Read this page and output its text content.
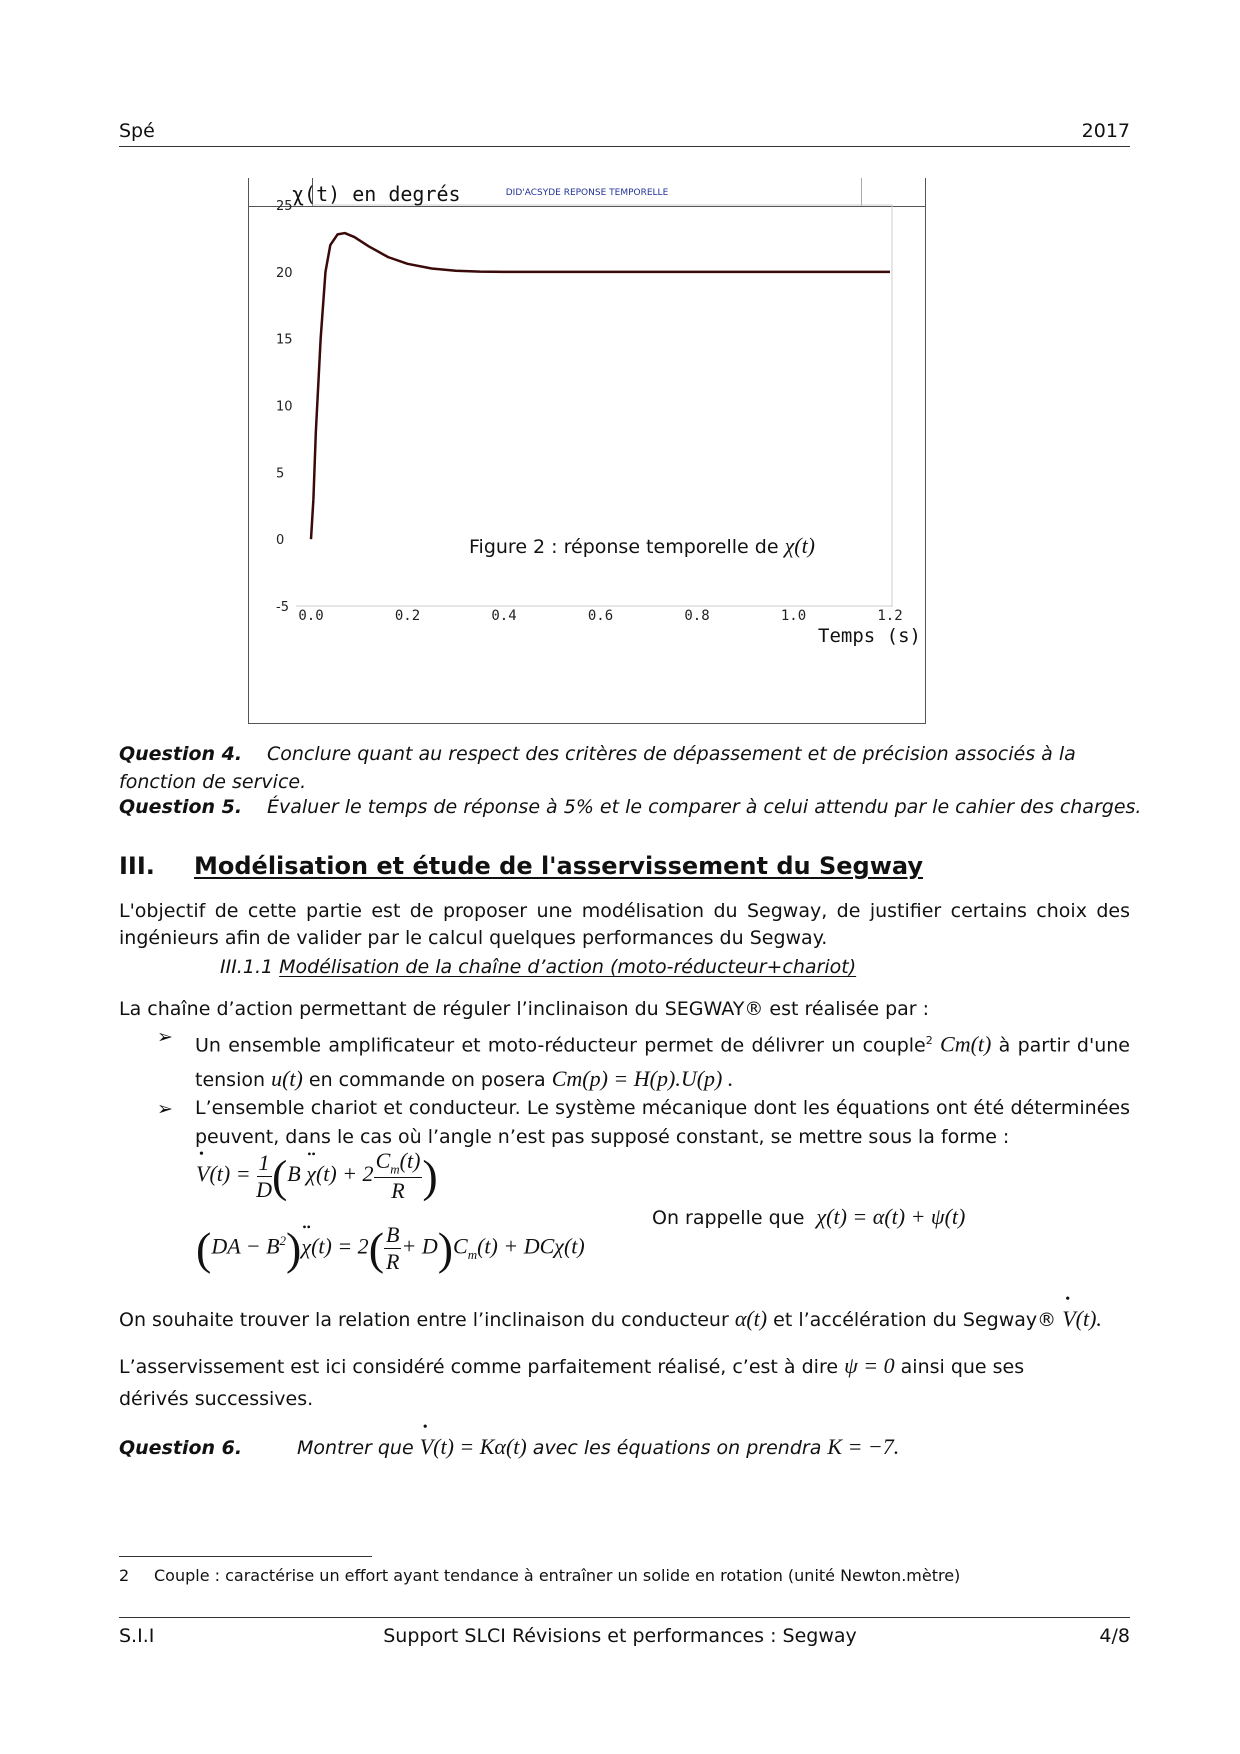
Spé	2017
DID'ACSYDE REPONSE TEMPORELLE
25
20
15
10
5
0
-5
0.0	0.2	0.4	0.6	0.8	1.0	1.2
χ(t) en degrés
Temps (s)
Figure 2 : réponse temporelle de χ(t)
Question 4. Conclure quant au respect des critères de dépassement et de précision associés à la fonction de service.
Question 5. Évaluer le temps de réponse à 5% et le comparer à celui attendu par le cahier des charges.
III. Modélisation et étude de l'asservissement du Segway
L'objectif de cette partie est de proposer une modélisation du Segway, de justifier certains choix des ingénieurs afin de valider par le calcul quelques performances du Segway.
III.1.1 Modélisation de la chaîne d’action (moto-réducteur+chariot)
La chaîne d’action permettant de réguler l’inclinaison du SEGWAY® est réalisée par :
➢ Un ensemble amplificateur et moto-réducteur permet de délivrer un couple$^2$ Cm(t) à partir d'une tension u(t) en commande on posera Cm(p) = H(p).U(p) .
➢ L’ensemble chariot et conducteur. Le système mécanique dont les équations ont été déterminées peuvent, dans le cas où l’angle n’est pas supposé constant, se mettre sous la forme :
• $V(t) = \frac{1}{D} (B$ •• $\chi(t) + 2 \frac{C_m(t)}{R}$ )
$(DA - B^2)••$ $\chi(t) = 2( \frac{B}{R} + D)C_m(t) + DC\chi(t)$
On rappelle que χ(t) = α(t) + ψ(t)
On souhaite trouver la relation entre l’inclinaison du conducteur α(t) et l’accélération du Segway® • V(t).
L’asservissement est ici considéré comme parfaitement réalisé, c’est à dire ψ = 0 ainsi que ses dérivés successives.
Question 6.	Montrer que • V(t) = Kα(t) avec les équations on prendra K = −7.
2 Couple : caractérise un effort ayant tendance à entraîner un solide en rotation (unité Newton.mètre)
S.I.I	Support SLCI Révisions et performances : Segway	4/8
